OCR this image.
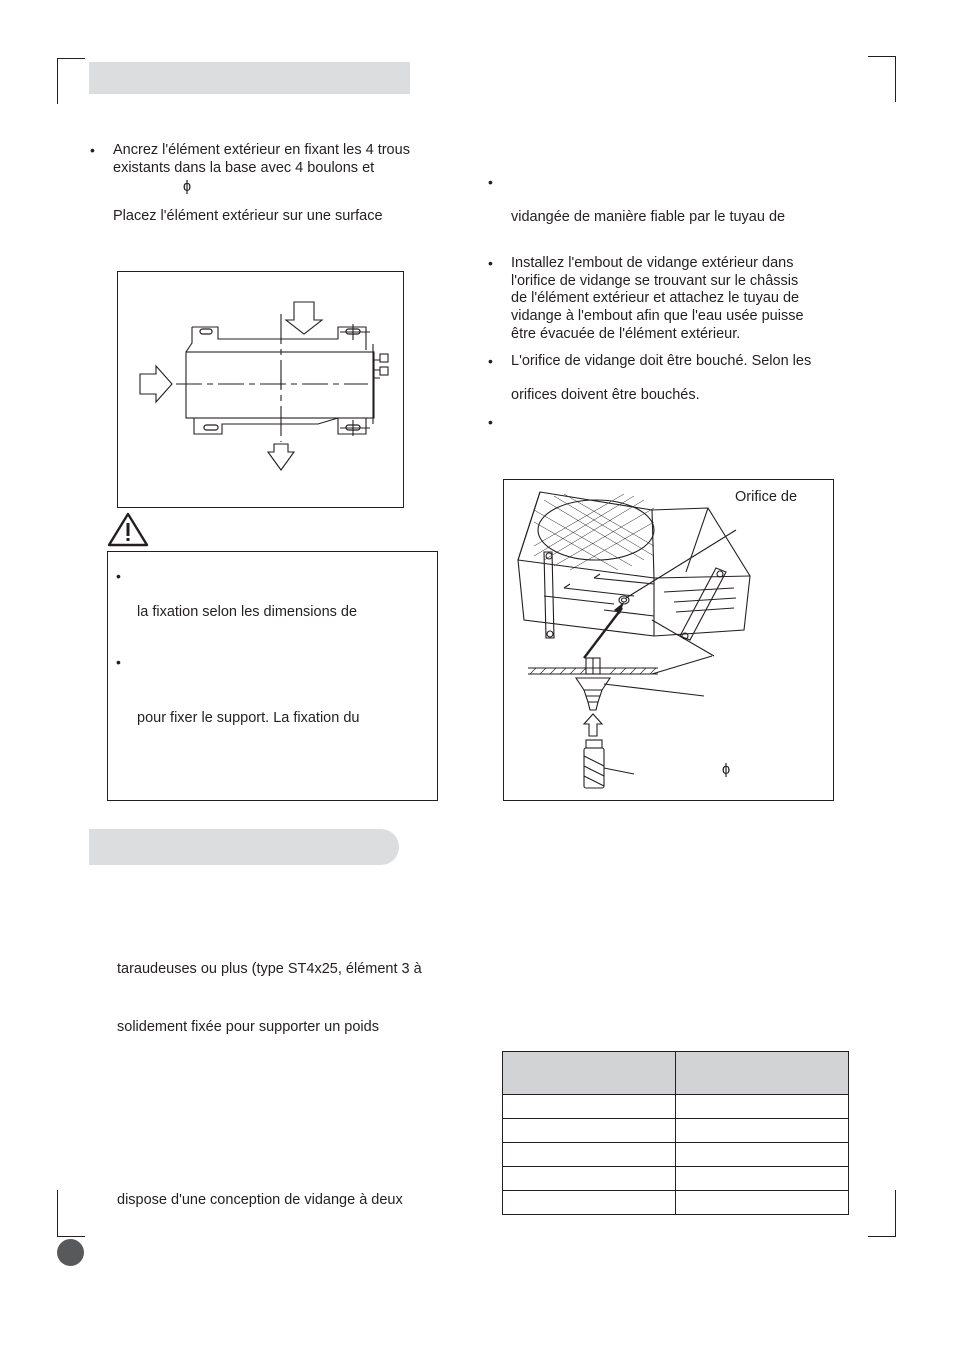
• Ancrez l'élément extérieur en fixant les 4 trous
existants dans la base avec 4 boulons et
ϕ
Placez l'élément extérieur sur une surface
•
la fixation selon les dimensions de
•
pour fixer le support. La fixation du
taraudeuses ou plus (type ST4x25, élément 3 à
solidement fixée pour supporter un poids
dispose d'une conception de vidange à deux
•
vidangée de manière fiable par le tuyau de
• Installez l'embout de vidange extérieur dans
l'orifice de vidange se trouvant sur le châssis
de l'élément extérieur et attachez le tuyau de
vidange à l'embout afin que l'eau usée puisse
être évacuée de l'élément extérieur.
• L'orifice de vidange doit être bouché. Selon les
orifices doivent être bouchés.
•
Orifice de
ϕ
